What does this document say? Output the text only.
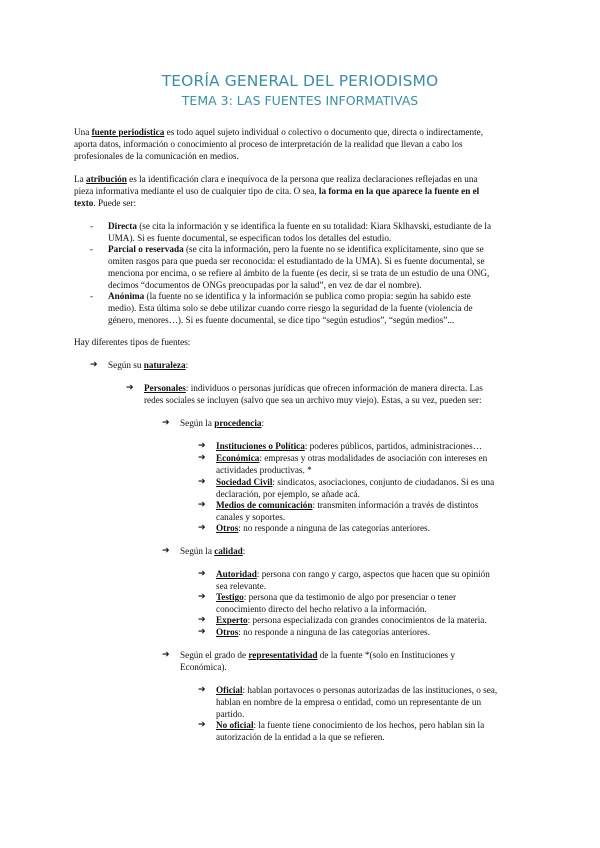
TEORÍA GENERAL DEL PERIODISMO
TEMA 3: LAS FUENTES INFORMATIVAS
Una fuente periodística es todo aquel sujeto individual o colectivo o documento que, directa o indirectamente,
aporta datos, información o conocimiento al proceso de interpretación de la realidad que llevan a cabo los
profesionales de la comunicación en medios.
La atribución es la identificación clara e inequívoca de la persona que realiza declaraciones reflejadas en una
pieza informativa mediante el uso de cualquier tipo de cita. O sea, la forma en la que aparece la fuente en el
texto. Puede ser:
- Directa (se cita la información y se identifica la fuente en su totalidad: Kiara Sklhavski, estudiante de la
UMA). Si es fuente documental, se especifican todos los detalles del estudio.
- Parcial o reservada (se cita la información, pero la fuente no se identifica explícitamente, sino que se
omiten rasgos para que pueda ser reconocida: el estudiantado de la UMA). Si es fuente documental, se
menciona por encima, o se refiere al ámbito de la fuente (es decir, si se trata de un estudio de una ONG,
decimos “documentos de ONGs preocupadas por la salud”, en vez de dar el nombre).
- Anónima (la fuente no se identifica y la información se publica como propia: según ha sabido este
medio). Esta última solo se debe utilizar cuando corre riesgo la seguridad de la fuente (violencia de
género, menores…). Si es fuente documental, se dice tipo “según estudios”, “según medios”...
Hay diferentes tipos de fuentes:
➔ Según su naturaleza:
➔ Personales: individuos o personas jurídicas que ofrecen información de manera directa. Las
redes sociales se incluyen (salvo que sea un archivo muy viejo). Estas, a su vez, pueden ser:
➔ Según la procedencia:
➔ Instituciones o Política: poderes públicos, partidos, administraciones…
➔ Económica: empresas y otras modalidades de asociación con intereses en
actividades productivas. *
➔ Sociedad Civil: sindicatos, asociaciones, conjunto de ciudadanos. Si es una
declaración, por ejemplo, se añade acá.
➔ Medios de comunicación: transmiten información a través de distintos
canales y soportes.
➔ Otros: no responde a ninguna de las categorías anteriores.
➔ Según la calidad:
➔ Autoridad: persona con rango y cargo, aspectos que hacen que su opinión
sea relevante.
➔ Testigo: persona que da testimonio de algo por presenciar o tener
conocimiento directo del hecho relativo a la información.
➔ Experto: persona especializada con grandes conocimientos de la materia.
➔ Otros: no responde a ninguna de las categorías anteriores.
➔ Según el grado de representatividad de la fuente *(solo en Instituciones y
Económica).
➔ Oficial: hablan portavoces o personas autorizadas de las instituciones, o sea,
hablan en nombre de la empresa o entidad, como un representante de un
partido.
➔ No oficial: la fuente tiene conocimiento de los hechos, pero hablan sin la
autorización de la entidad a la que se refieren.
